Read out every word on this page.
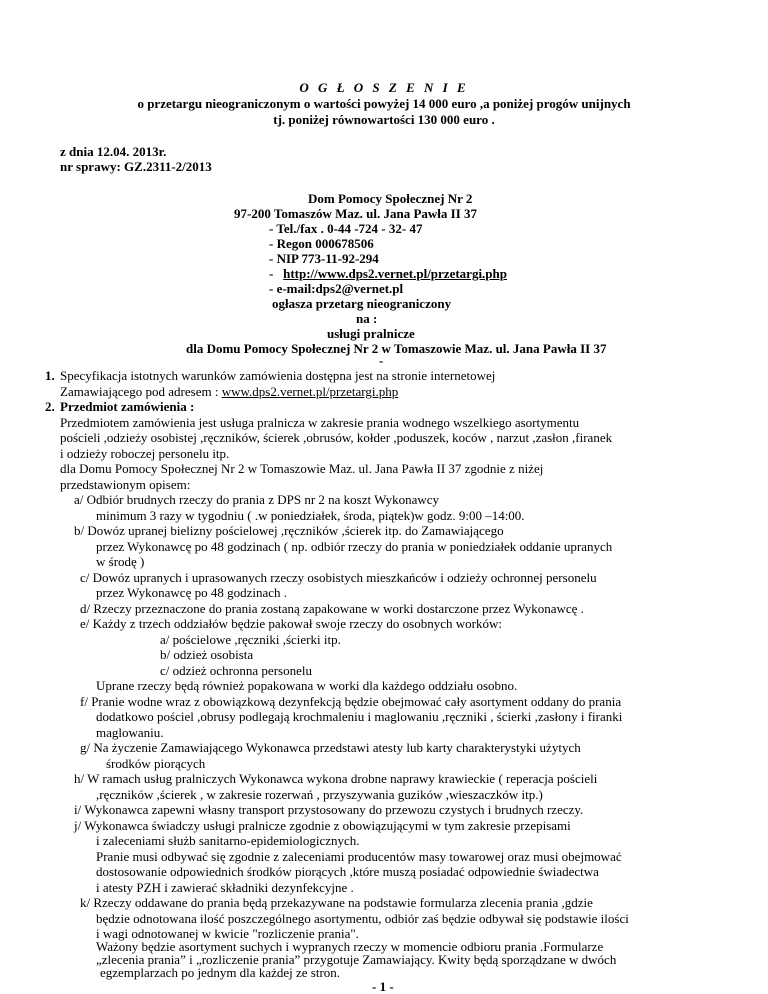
O G Ł O S Z E N I E
o przetargu nieograniczonym o wartości powyżej 14 000 euro ,a poniżej progów unijnych
tj. poniżej równowartości 130 000 euro .
z dnia 12.04. 2013r.
nr sprawy: GZ.2311-2/2013
Dom Pomocy Społecznej Nr 2
97-200 Tomaszów Maz. ul. Jana Pawła II 37
- Tel./fax . 0-44 -724 - 32- 47
- Regon 000678506
- NIP 773-11-92-294
- http://www.dps2.vernet.pl/przetargi.php
- e-mail:dps2@vernet.pl
ogłasza przetarg nieograniczony
na :
usługi pralnicze
dla Domu Pomocy Społecznej Nr 2 w Tomaszowie Maz. ul. Jana Pawła II 37
-
1. Specyfikacja istotnych warunków zamówienia dostępna jest na stronie internetowej
Zamawiającego pod adresem : www.dps2.vernet.pl/przetargi.php
2. Przedmiot zamówienia :
Przedmiotem zamówienia jest usługa pralnicza w zakresie prania wodnego wszelkiego asortymentu
pościeli ,odzieży osobistej ,ręczników, ścierek ,obrusów, kołder ,poduszek, koców , narzut ,zasłon ,firanek
i odzieży roboczej personelu itp.
dla Domu Pomocy Społecznej Nr 2 w Tomaszowie Maz. ul. Jana Pawła II 37 zgodnie z niżej
przedstawionym opisem:
a/ Odbiór brudnych rzeczy do prania z DPS nr 2 na koszt Wykonawcy
minimum 3 razy w tygodniu ( .w poniedziałek, środa, piątek)w godz. 9:00 –14:00.
b/ Dowóz upranej bielizny pościelowej ,ręczników ,ścierek itp. do Zamawiającego
przez Wykonawcę po 48 godzinach ( np. odbiór rzeczy do prania w poniedziałek oddanie upranych
w środę )
c/ Dowóz upranych i uprasowanych rzeczy osobistych mieszkańców i odzieży ochronnej personelu
przez Wykonawcę po 48 godzinach .
d/ Rzeczy przeznaczone do prania zostaną zapakowane w worki dostarczone przez Wykonawcę .
e/ Każdy z trzech oddziałów będzie pakował swoje rzeczy do osobnych worków:
a/ pościelowe ,ręczniki ,ścierki itp.
b/ odzież osobista
c/ odzież ochronna personelu
Uprane rzeczy będą również popakowana w worki dla każdego oddziału osobno.
f/ Pranie wodne wraz z obowiązkową dezynfekcją będzie obejmować cały asortyment oddany do prania
dodatkowo pościel ,obrusy podlegają krochmaleniu i maglowaniu ,ręczniki , ścierki ,zasłony i firanki
maglowaniu.
g/ Na życzenie Zamawiającego Wykonawca przedstawi atesty lub karty charakterystyki użytych
środków piorących
h/ W ramach usług pralniczych Wykonawca wykona drobne naprawy krawieckie ( reperacja pościeli
,ręczników ,ścierek , w zakresie rozerwań , przyszywania guzików ,wieszaczków itp.)
i/ Wykonawca zapewni własny transport przystosowany do przewozu czystych i brudnych rzeczy.
j/ Wykonawca świadczy usługi pralnicze zgodnie z obowiązującymi w tym zakresie przepisami
i zaleceniami służb sanitarno-epidemiologicznych.
Pranie musi odbywać się zgodnie z zaleceniami producentów masy towarowej oraz musi obejmować
dostosowanie odpowiednich środków piorących ,które muszą posiadać odpowiednie świadectwa
i atesty PZH i zawierać składniki dezynfekcyjne .
k/ Rzeczy oddawane do prania będą przekazywane na podstawie formularza zlecenia prania ,gdzie
będzie odnotowana ilość poszczególnego asortymentu, odbiór zaś będzie odbywał się podstawie ilości
i wagi odnotowanej w kwicie "rozliczenie prania".
Ważony będzie asortyment suchych i wypranych rzeczy w momencie odbioru prania .Formularze
„zlecenia prania” i „rozliczenie prania” przygotuje Zamawiający. Kwity będą sporządzane w dwóch
egzemplarzach po jednym dla każdej ze stron.
- 1 -
